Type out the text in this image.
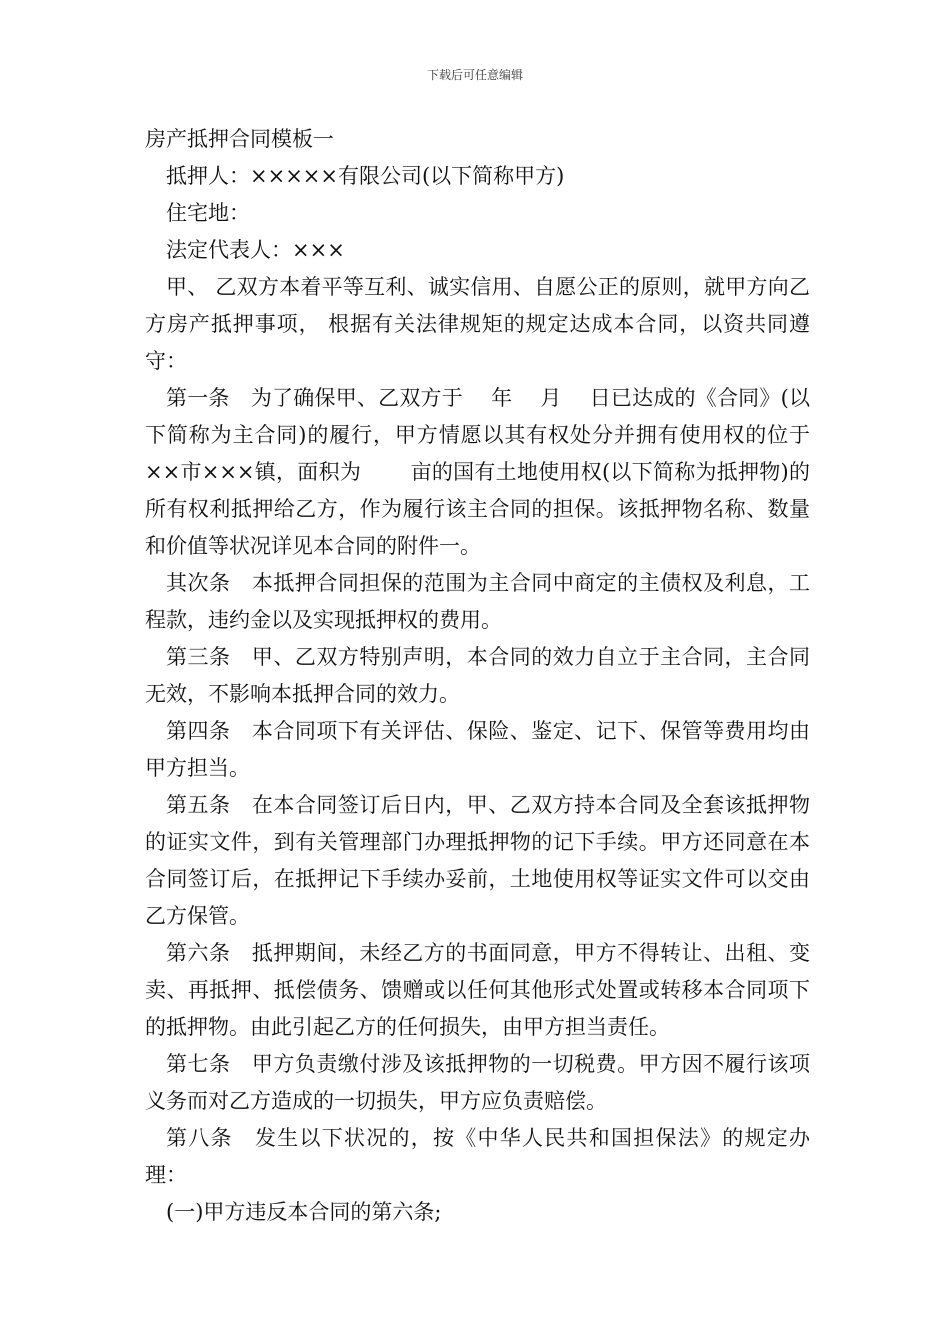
下载后可任意编辑

房产抵押合同模板一

抵押人：×××××有限公司(以下简称甲方)

住宅地：

法定代表人：×××

甲、 乙双方本着平等互利、诚实信用、自愿公正的原则，就甲方向乙方房产抵押事项， 根据有关法律规矩的规定达成本合同，以资共同遵守：

第一条　为了确保甲、乙双方于　 年　 月　 日已达成的《合同》(以下简称为主合同)的履行，甲方情愿以其有权处分并拥有使用权的位于××市×××镇，面积为　　 亩的国有土地使用权(以下简称为抵押物)的所有权利抵押给乙方，作为履行该主合同的担保。该抵押物名称、数量和价值等状况详见本合同的附件一。

其次条　本抵押合同担保的范围为主合同中商定的主债权及利息，工程款，违约金以及实现抵押权的费用。

第三条　甲、乙双方特别声明，本合同的效力自立于主合同，主合同无效，不影响本抵押合同的效力。

第四条　本合同项下有关评估、保险、鉴定、记下、保管等费用均由甲方担当。

第五条　在本合同签订后日内，甲、乙双方持本合同及全套该抵押物的证实文件，到有关管理部门办理抵押物的记下手续。甲方还同意在本合同签订后，在抵押记下手续办妥前，土地使用权等证实文件可以交由乙方保管。

第六条　抵押期间，未经乙方的书面同意，甲方不得转让、出租、变卖、再抵押、抵偿债务、馈赠或以任何其他形式处置或转移本合同项下的抵押物。由此引起乙方的任何损失，由甲方担当责任。

第七条　甲方负责缴付涉及该抵押物的一切税费。甲方因不履行该项义务而对乙方造成的一切损失，甲方应负责赔偿。

第八条　发生以下状况的，按《中华人民共和国担保法》的规定办理：

(一)甲方违反本合同的第六条;
